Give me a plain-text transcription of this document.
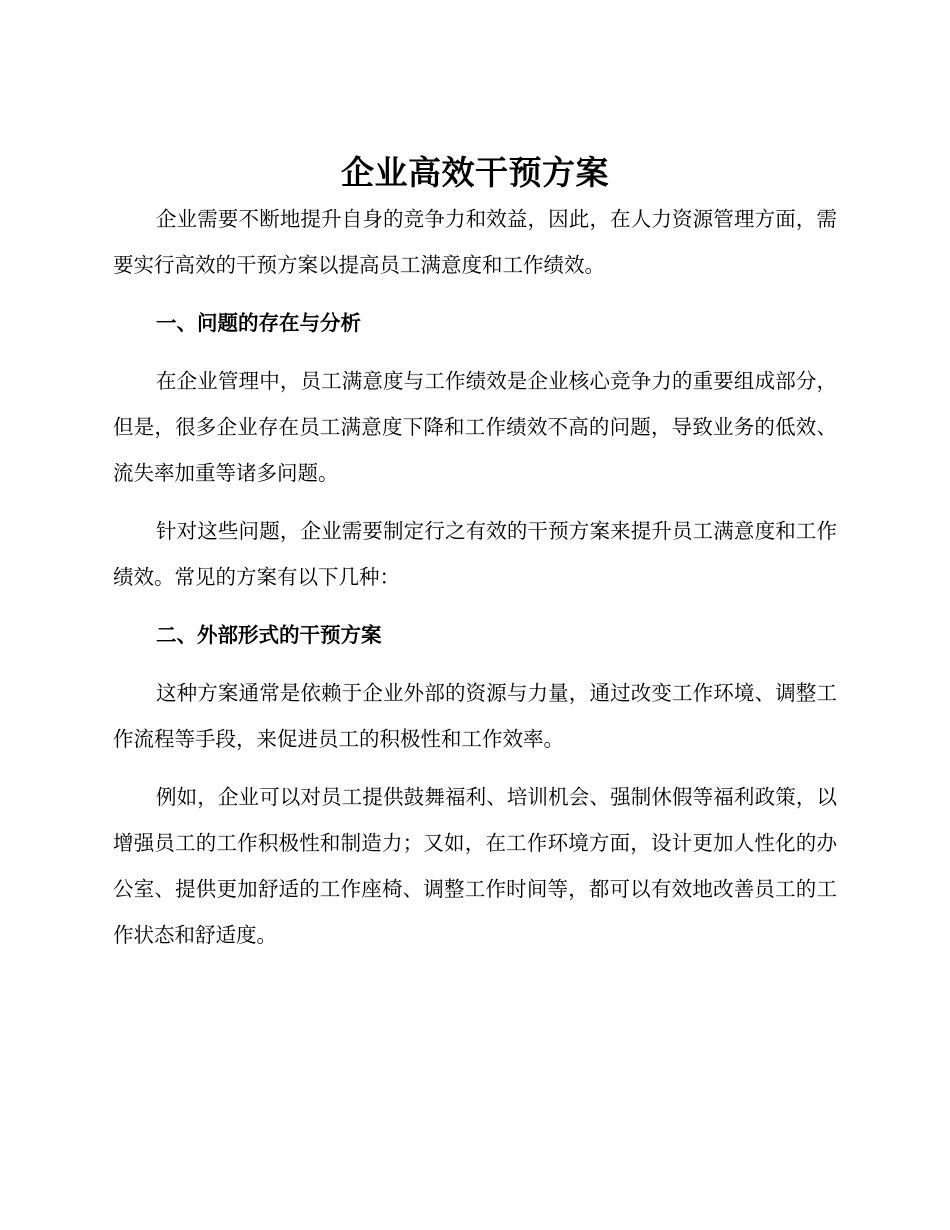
企业高效干预方案

企业需要不断地提升自身的竞争力和效益，因此，在人力资源管理方面，需要实行高效的干预方案以提高员工满意度和工作绩效。

一、问题的存在与分析

在企业管理中，员工满意度与工作绩效是企业核心竞争力的重要组成部分，但是，很多企业存在员工满意度下降和工作绩效不高的问题，导致业务的低效、流失率加重等诸多问题。

针对这些问题，企业需要制定行之有效的干预方案来提升员工满意度和工作绩效。常见的方案有以下几种：

二、外部形式的干预方案

这种方案通常是依赖于企业外部的资源与力量，通过改变工作环境、调整工作流程等手段，来促进员工的积极性和工作效率。

例如，企业可以对员工提供鼓舞福利、培训机会、强制休假等福利政策，以增强员工的工作积极性和制造力；又如，在工作环境方面，设计更加人性化的办公室、提供更加舒适的工作座椅、调整工作时间等，都可以有效地改善员工的工作状态和舒适度。
